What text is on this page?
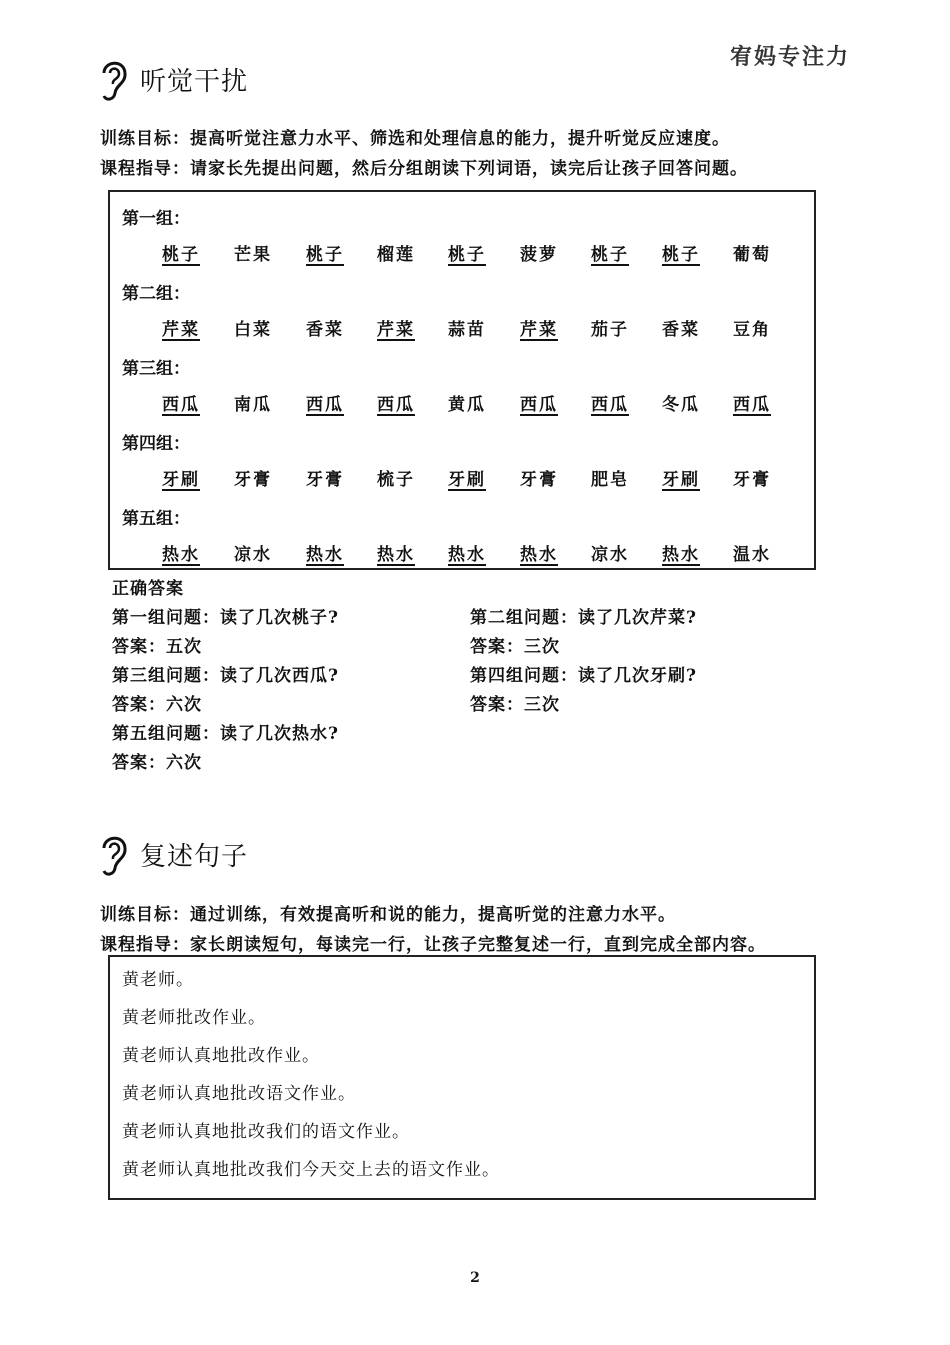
宥妈专注力
听觉干扰
训练目标：提高听觉注意力水平、筛选和处理信息的能力，提升听觉反应速度。
课程指导：请家长先提出问题，然后分组朗读下列词语，读完后让孩子回答问题。
第一组：
桃子 芒果 桃子 榴莲 桃子 菠萝 桃子 桃子 葡萄
第二组：
芹菜 白菜 香菜 芹菜 蒜苗 芹菜 茄子 香菜 豆角
第三组：
西瓜 南瓜 西瓜 西瓜 黄瓜 西瓜 西瓜 冬瓜 西瓜
第四组：
牙刷 牙膏 牙膏 梳子 牙刷 牙膏 肥皂 牙刷 牙膏
第五组：
热水 凉水 热水 热水 热水 热水 凉水 热水 温水
正确答案
第一组问题：读了几次桃子?
答案：五次
第二组问题：读了几次芹菜?
答案：三次
第三组问题：读了几次西瓜?
答案：六次
第四组问题：读了几次牙刷?
答案：三次
第五组问题：读了几次热水?
答案：六次
复述句子
训练目标：通过训练，有效提高听和说的能力，提高听觉的注意力水平。
课程指导：家长朗读短句，每读完一行，让孩子完整复述一行，直到完成全部内容。
黄老师。
黄老师批改作业。
黄老师认真地批改作业。
黄老师认真地批改语文作业。
黄老师认真地批改我们的语文作业。
黄老师认真地批改我们今天交上去的语文作业。
2
